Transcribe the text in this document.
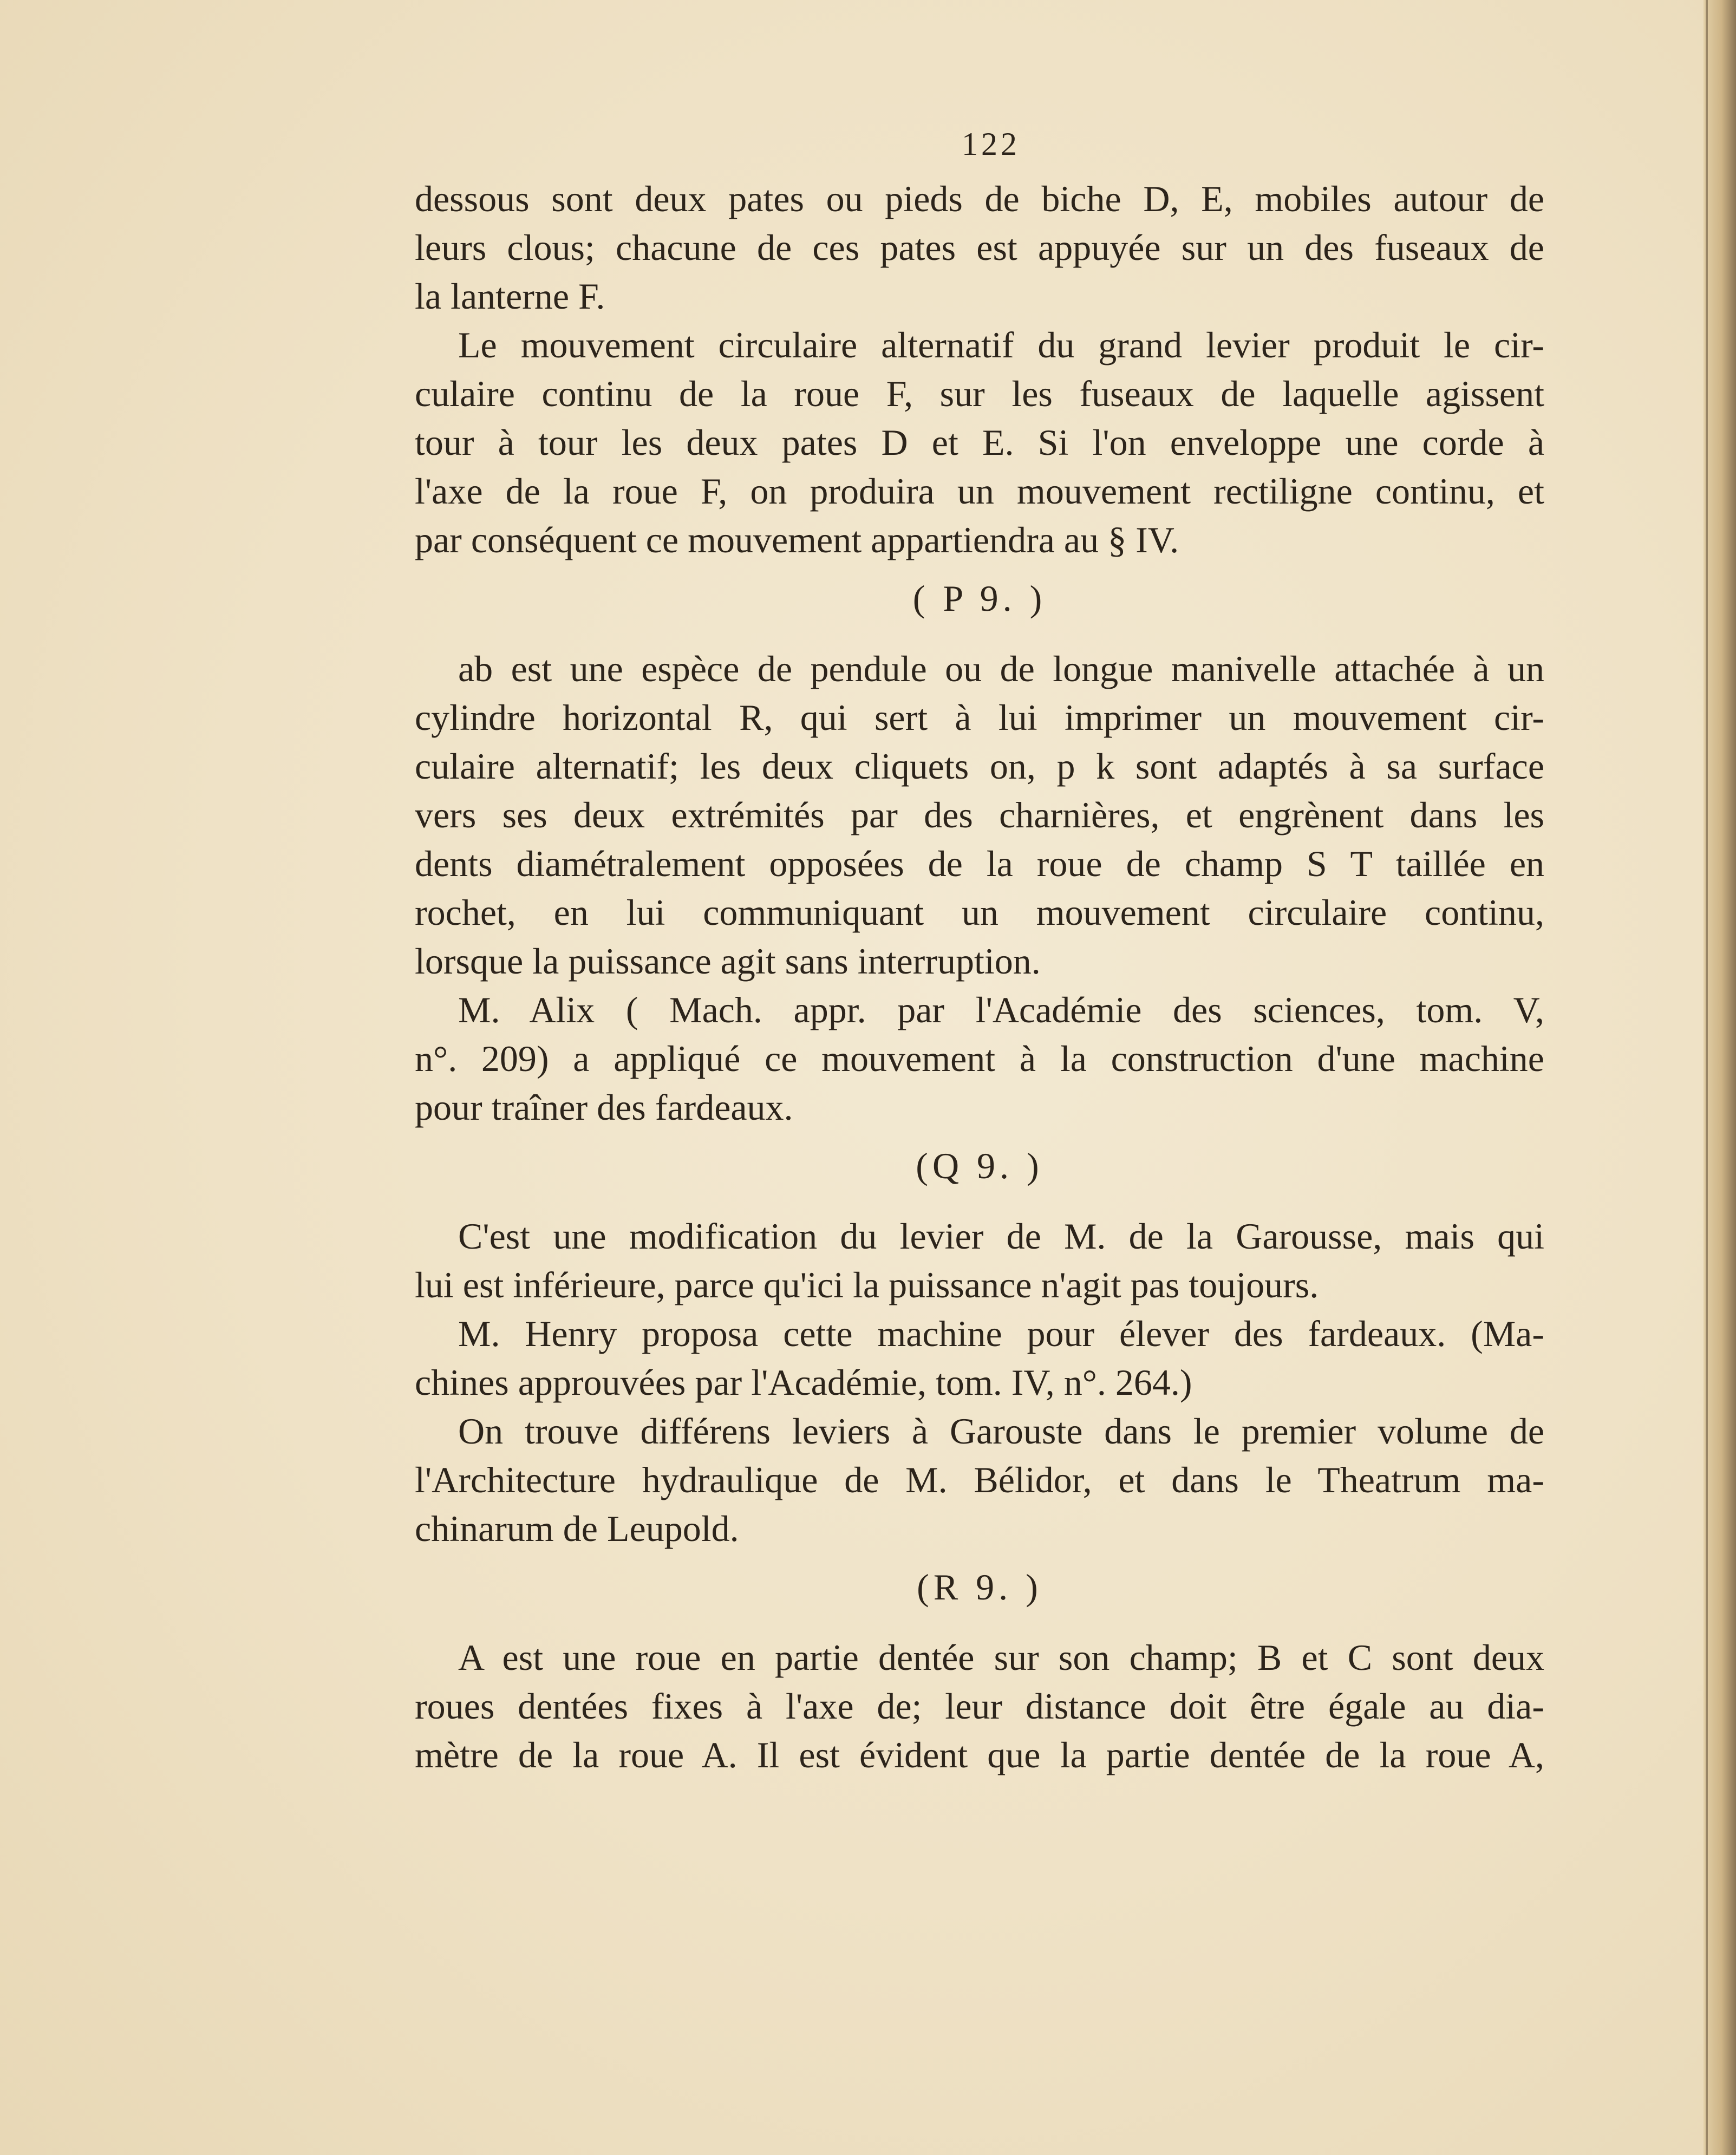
122
dessous sont deux pates ou pieds de biche D, E, mobiles autour de
leurs clous; chacune de ces pates est appuyée sur un des fuseaux de
la lanterne F.
Le mouvement circulaire alternatif du grand levier produit le cir-
culaire continu de la roue F, sur les fuseaux de laquelle agissent
tour à tour les deux pates D et E. Si l'on enveloppe une corde à
l'axe de la roue F, on produira un mouvement rectiligne continu, et
par conséquent ce mouvement appartiendra au § IV.
( P 9. )
ab est une espèce de pendule ou de longue manivelle attachée à un
cylindre horizontal R, qui sert à lui imprimer un mouvement cir-
culaire alternatif; les deux cliquets on, p k sont adaptés à sa surface
vers ses deux extrémités par des charnières, et engrènent dans les
dents diamétralement opposées de la roue de champ S T taillée en
rochet, en lui communiquant un mouvement circulaire continu,
lorsque la puissance agit sans interruption.
M. Alix ( Mach. appr. par l'Académie des sciences, tom. V,
n°. 209) a appliqué ce mouvement à la construction d'une machine
pour traîner des fardeaux.
(Q 9. )
C'est une modification du levier de M. de la Garousse, mais qui
lui est inférieure, parce qu'ici la puissance n'agit pas toujours.
M. Henry proposa cette machine pour élever des fardeaux. (Ma-
chines approuvées par l'Académie, tom. IV, n°. 264.)
On trouve différens leviers à Garouste dans le premier volume de
l'Architecture hydraulique de M. Bélidor, et dans le Theatrum ma-
chinarum de Leupold.
(R 9. )
A est une roue en partie dentée sur son champ; B et C sont deux
roues dentées fixes à l'axe de; leur distance doit être égale au dia-
mètre de la roue A. Il est évident que la partie dentée de la roue A,
